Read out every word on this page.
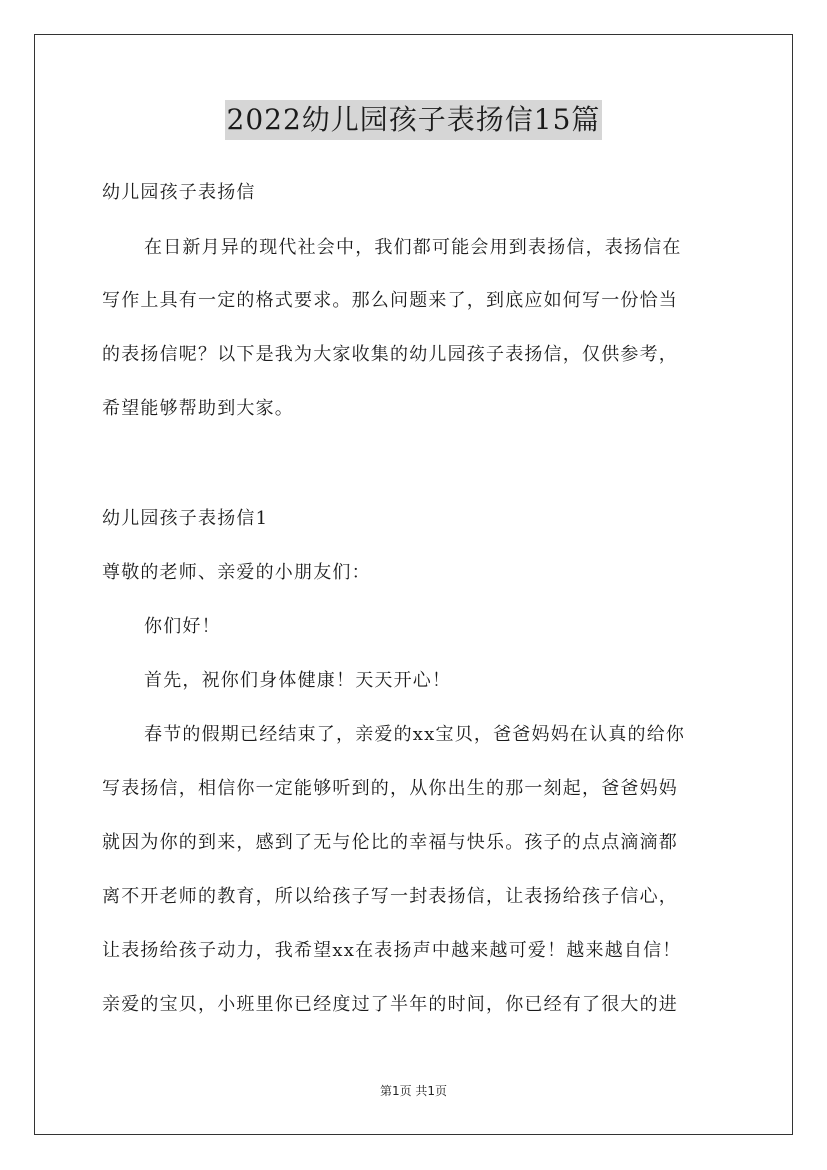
2022幼儿园孩子表扬信15篇
幼儿园孩子表扬信
在日新月异的现代社会中，我们都可能会用到表扬信，表扬信在
写作上具有一定的格式要求。那么问题来了，到底应如何写一份恰当
的表扬信呢？以下是我为大家收集的幼儿园孩子表扬信，仅供参考，
希望能够帮助到大家。
幼儿园孩子表扬信1
尊敬的老师、亲爱的小朋友们：
你们好！
首先，祝你们身体健康！天天开心！
春节的假期已经结束了，亲爱的xx宝贝，爸爸妈妈在认真的给你
写表扬信，相信你一定能够听到的，从你出生的那一刻起，爸爸妈妈
就因为你的到来，感到了无与伦比的幸福与快乐。孩子的点点滴滴都
离不开老师的教育，所以给孩子写一封表扬信，让表扬给孩子信心，
让表扬给孩子动力，我希望xx在表扬声中越来越可爱！越来越自信！
亲爱的宝贝，小班里你已经度过了半年的时间，你已经有了很大的进
第1页 共1页
